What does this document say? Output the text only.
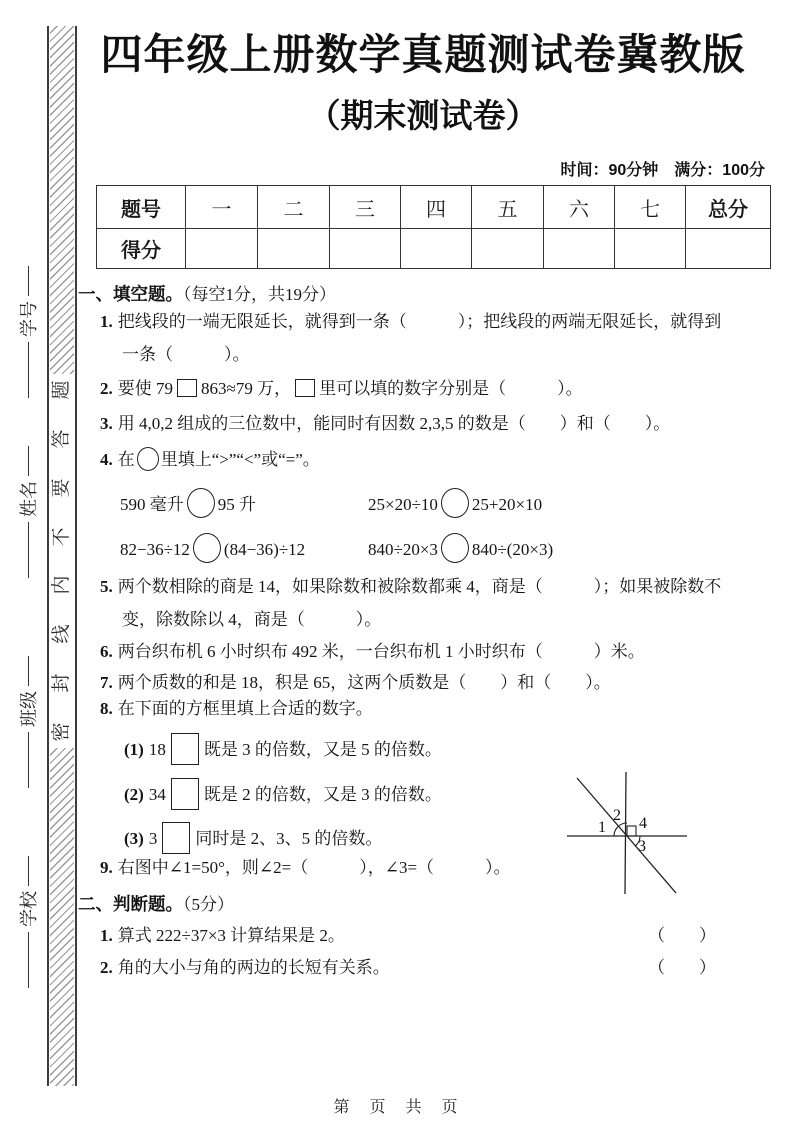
题
答
要
不
内
线
封
密
学号
姓名
班级
学校
四年级上册数学真题测试卷冀教版
（期末测试卷）
时间：90分钟　满分：100分
题号	一	二	三	四	五	六	七	总分
得分								
一、填空题。（每空1分，共19分）
1. 把线段的一端无限延长，就得到一条（　　　）；把线段的两端无限延长，就得到
一条（　　　）。
2. 要使 79 863≈79 万， 里可以填的数字分别是（　　　）。
3. 用 4,0,2 组成的三位数中，能同时有因数 2,3,5 的数是（　　）和（　　）。
4. 在 里填上“>”“<”或“=”。
590 毫升 95 升	25×20÷10 25+20×10
82−36÷12 (84−36)÷12	840÷20×3 840÷(20×3)
5. 两个数相除的商是 14，如果除数和被除数都乘 4，商是（　　　）；如果被除数不
变，除数除以 4，商是（　　　）。
6. 两台织布机 6 小时织布 492 米，一台织布机 1 小时织布（　　　）米。
7. 两个质数的和是 18，积是 65，这两个质数是（　　）和（　　）。
8. 在下面的方框里填上合适的数字。
(1) 18 既是 3 的倍数，又是 5 的倍数。
(2) 34 既是 2 的倍数，又是 3 的倍数。
(3) 3 同时是 2、3、5 的倍数。
9. 右图中∠1=50°，则∠2=（　　　），∠3=（　　　）。
二、判断题。（5分）
1. 算式 222÷37×3 计算结果是 2。	（　　）
2. 角的大小与角的两边的长短有关系。	（　　）
1
2
3
4
第　页　共　页
